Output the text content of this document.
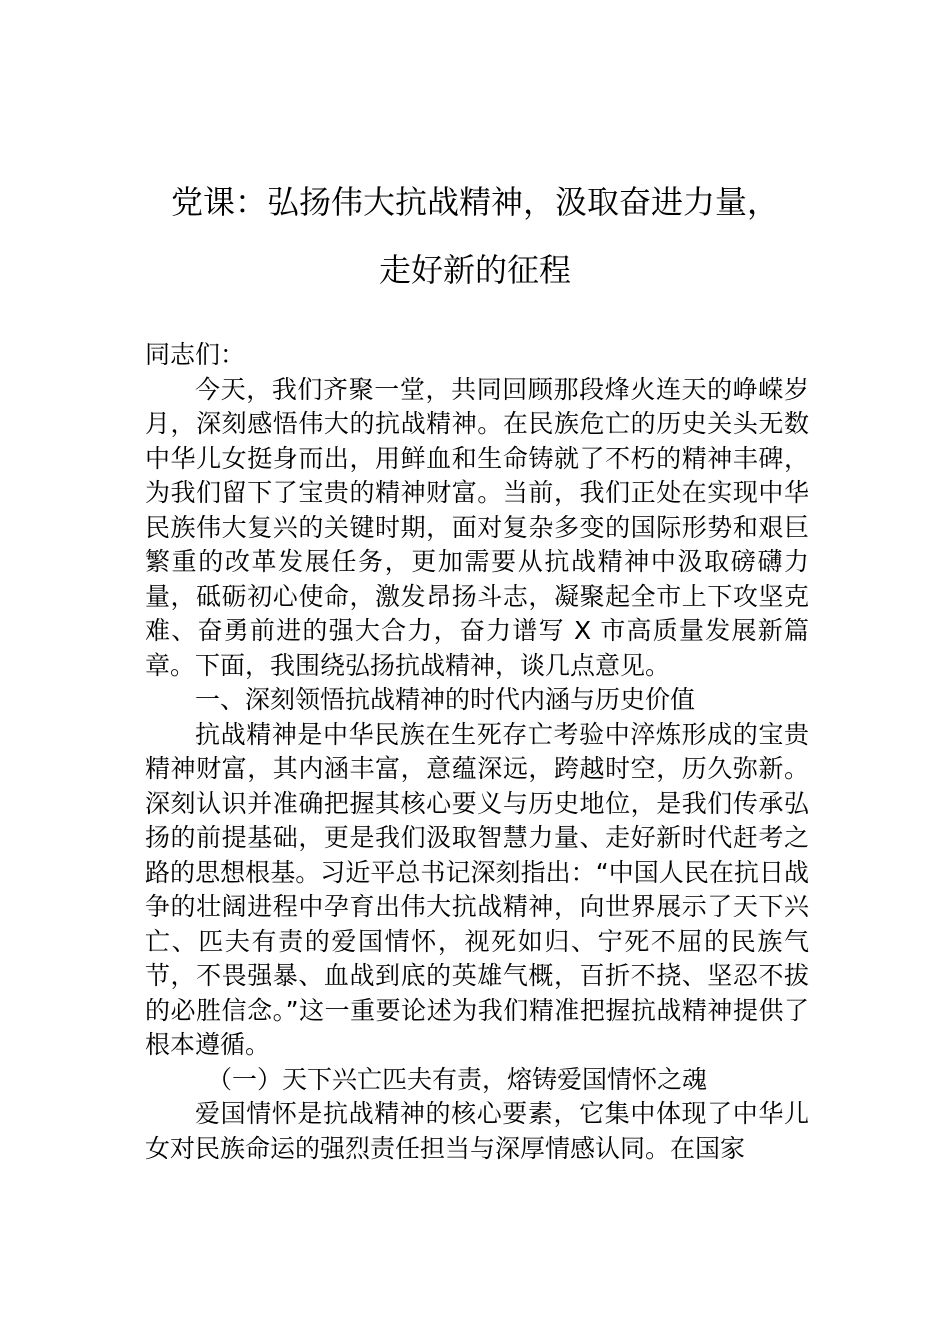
党课：弘扬伟大抗战精神，汲取奋进力量，
走好新的征程

同志们：

今天，我们齐聚一堂，共同回顾那段烽火连天的峥嵘岁月，深刻感悟伟大的抗战精神。在民族危亡的历史关头无数中华儿女挺身而出，用鲜血和生命铸就了不朽的精神丰碑，为我们留下了宝贵的精神财富。当前，我们正处在实现中华民族伟大复兴的关键时期，面对复杂多变的国际形势和艰巨繁重的改革发展任务，更加需要从抗战精神中汲取磅礴力量，砥砺初心使命，激发昂扬斗志，凝聚起全市上下攻坚克难、奋勇前进的强大合力，奋力谱写 X 市高质量发展新篇章。下面，我围绕弘扬抗战精神，谈几点意见。

一、深刻领悟抗战精神的时代内涵与历史价值

抗战精神是中华民族在生死存亡考验中淬炼形成的宝贵精神财富，其内涵丰富，意蕴深远，跨越时空，历久弥新。深刻认识并准确把握其核心要义与历史地位，是我们传承弘扬的前提基础，更是我们汲取智慧力量、走好新时代赶考之路的思想根基。习近平总书记深刻指出：“中国人民在抗日战争的壮阔进程中孕育出伟大抗战精神，向世界展示了天下兴亡、匹夫有责的爱国情怀，视死如归、宁死不屈的民族气节，不畏强暴、血战到底的英雄气概，百折不挠、坚忍不拔的必胜信念。”这一重要论述为我们精准把握抗战精神提供了根本遵循。

（一）天下兴亡匹夫有责，熔铸爱国情怀之魂

爱国情怀是抗战精神的核心要素，它集中体现了中华儿女对民族命运的强烈责任担当与深厚情感认同。在国家
